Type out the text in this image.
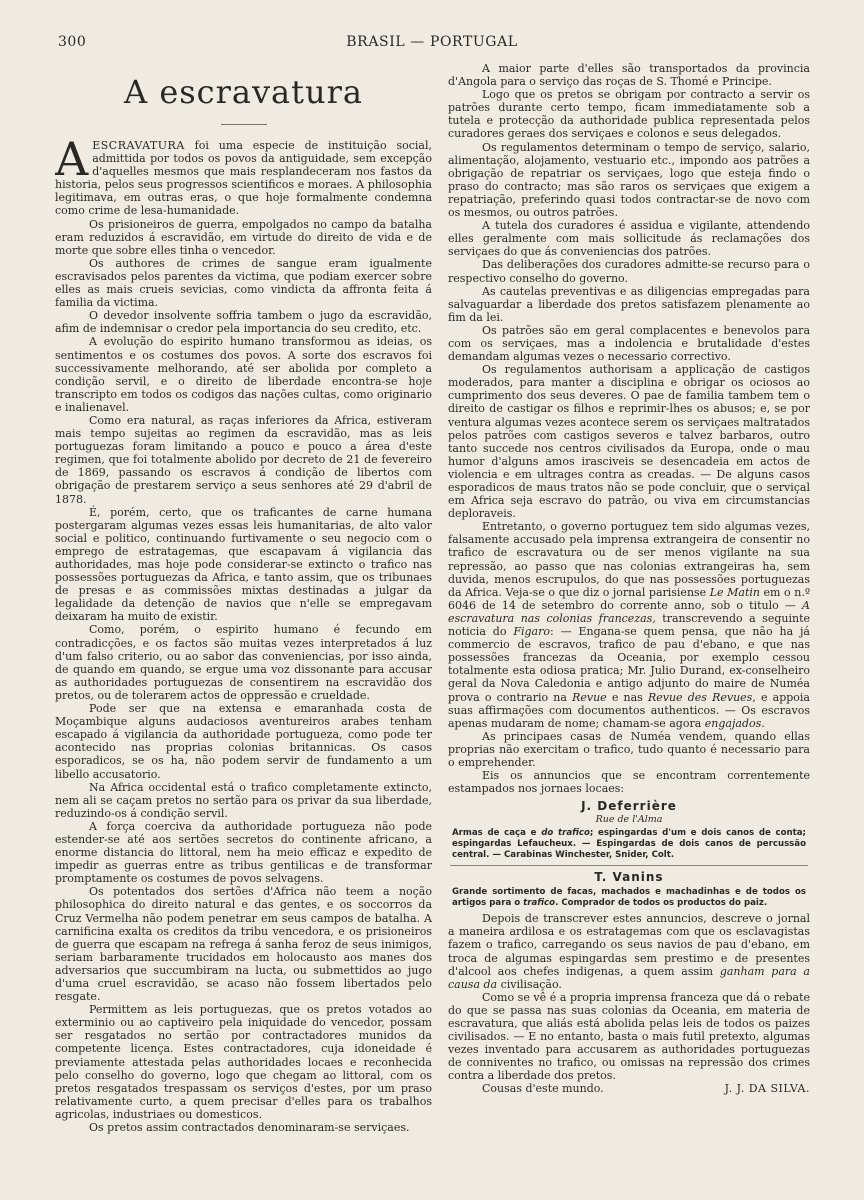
300	BRASIL — PORTUGAL
A escravatura

AESCRAVATURA foi uma especie de instituição social, admittida por todos os povos da antiguidade, sem excepção d'aquelles mesmos que mais resplandeceram nos fastos da historia, pelos seus progressos scientificos e moraes. A philosophia legitimava, em outras eras, o que hoje formalmente condemna como crime de lesa-humanidade.

Os prisioneiros de guerra, empolgados no campo da batalha eram reduzidos á escravidão, em virtude do direito de vida e de morte que sobre elles tinha o vencedor.

Os authores de crimes de sangue eram igualmente escravisados pelos parentes da victima, que podiam exercer sobre elles as mais crueis sevicias, como vindicta da affronta feita á familia da victima.

O devedor insolvente soffria tambem o jugo da escravidão, afim de indemnisar o credor pela importancia do seu credito, etc.

A evolução do espirito humano transformou as ideias, os sentimentos e os costumes dos povos. A sorte dos escravos foi successivamente melhorando, até ser abolida por completo a condição servil, e o direito de liberdade encontra-se hoje transcripto em todos os codigos das nações cultas, como originario e inalienavel.

Como era natural, as raças inferiores da Africa, estiveram mais tempo sujeitas ao regimen da escravidão, mas as leis portuguezas foram limitando a pouco e pouco a área d'este regimen, que foi totalmente abolido por decreto de 21 de fevereiro de 1869, passando os escravos á condição de libertos com obrigação de prestarem serviço a seus senhores até 29 d'abril de 1878.

É, porém, certo, que os traficantes de carne humana postergaram algumas vezes essas leis humanitarias, de alto valor social e politico, continuando furtivamente o seu negocio com o emprego de estratagemas, que escapavam á vigilancia das authoridades, mas hoje pode considerar-se extincto o trafico nas possessões portuguezas da Africa, e tanto assim, que os tribunaes de presas e as commissões mixtas destinadas a julgar da legalidade da detenção de navios que n'elle se empregavam deixaram ha muito de existir.

Como, porém, o espirito humano é fecundo em contradicções, e os factos são muitas vezes interpretados á luz d'um falso criterio, ou ao sabor das conveniencias, por isso ainda, de quando em quando, se ergue uma voz dissonante para accusar as authoridades portuguezas de consentirem na escravidão dos pretos, ou de tolerarem actos de oppressão e crueldade.

Pode ser que na extensa e emaranhada costa de Moçambique alguns audaciosos aventureiros arabes tenham escapado á vigilancia da authoridade portugueza, como pode ter acontecido nas proprias colonias britannicas. Os casos esporadicos, se os ha, não podem servir de fundamento a um libello accusatorio.

Na Africa occidental está o trafico completamente extincto, nem ali se caçam pretos no sertão para os privar da sua liberdade, reduzindo-os á condição servil.

A força coerciva da authoridade portugueza não pode estender-se até aos sertões secretos do continente africano, a enorme distancia do littoral, nem ha meio efficaz e expedito de impedir as guerras entre as tribus gentilicas e de transformar promptamente os costumes de povos selvagens.

Os potentados dos sertões d'Africa não teem a noção philosophica do direito natural e das gentes, e os soccorros da Cruz Vermelha não podem penetrar em seus campos de batalha. A carnificina exalta os creditos da tribu vencedora, e os prisioneiros de guerra que escapam na refrega á sanha feroz de seus inimigos, seriam barbaramente trucidados em holocausto aos manes dos adversarios que succumbiram na lucta, ou submettidos ao jugo d'uma cruel escravidão, se acaso não fossem libertados pelo resgate.

Permittem as leis portuguezas, que os pretos votados ao exterminio ou ao captiveiro pela iniquidade do vencedor, possam ser resgatados no sertão por contractadores munidos da competente licença. Estes contractadores, cuja idoneidade é previamente attestada pelas authoridades locaes e reconhecida pelo conselho do governo, logo que chegam ao littoral, com os pretos resgatados trespassam os serviços d'estes, por um praso relativamente curto, a quem precisar d'elles para os trabalhos agricolas, industriaes ou domesticos.

Os pretos assim contractados denominaram-se serviçaes.

A maior parte d'elles são transportados da provincia d'Angola para o serviço das roças de S. Thomé e Principe.

Logo que os pretos se obrigam por contracto a servir os patrões durante certo tempo, ficam immediatamente sob a tutela e protecção da authoridade publica representada pelos curadores geraes dos serviçaes e colonos e seus delegados.

Os regulamentos determinam o tempo de serviço, salario, alimentação, alojamento, vestuario etc., impondo aos patrões a obrigação de repatriar os serviçaes, logo que esteja findo o praso do contracto; mas são raros os serviçaes que exigem a repatriação, preferindo quasi todos contractar-se de novo com os mesmos, ou outros patrões.

A tutela dos curadores é assidua e vigilante, attendendo elles geralmente com mais sollicitude ás reclamações dos serviçaes do que ás conveniencias dos patrões.

Das deliberações dos curadores admitte-se recurso para o respectivo conselho do governo.

As cautelas preventivas e as diligencias empregadas para salvaguardar a liberdade dos pretos satisfazem plenamente ao fim da lei.

Os patrões são em geral complacentes e benevolos para com os serviçaes, mas a indolencia e brutalidade d'estes demandam algumas vezes o necessario correctivo.

Os regulamentos authorisam a applicação de castigos moderados, para manter a disciplina e obrigar os ociosos ao cumprimento dos seus deveres. O pae de familia tambem tem o direito de castigar os filhos e reprimir-lhes os abusos; e, se por ventura algumas vezes acontece serem os serviçaes maltratados pelos patrões com castigos severos e talvez barbaros, outro tanto succede nos centros civilisados da Europa, onde o mau humor d'alguns amos irasciveis se desencadeia em actos de violencia e em ultrages contra as creadas. — De alguns casos esporadicos de maus tratos não se pode concluir, que o serviçal em Africa seja escravo do patrão, ou viva em circumstancias deploraveis.

Entretanto, o governo portuguez tem sido algumas vezes, falsamente accusado pela imprensa extrangeira de consentir no trafico de escravatura ou de ser menos vigilante na sua repressão, ao passo que nas colonias extrangeiras ha, sem duvida, menos escrupulos, do que nas possessões portuguezas da Africa. Veja-se o que diz o jornal parisiense Le Matin em o n.º 6046 de 14 de setembro do corrente anno, sob o titulo — A escravatura nas colonias francezas, transcrevendo a seguinte noticia do Figaro: — Engana-se quem pensa, que não ha já commercio de escravos, trafico de pau d'ebano, e que nas possessões francezas da Oceania, por exemplo cessou totalmente esta odiosa pratica; Mr. Julio Durand, ex-conselheiro geral da Nova Caledonia e antigo adjunto do maire de Numéa prova o contrario na Revue e nas Revue des Revues, e appoia suas affirmações com documentos authenticos. — Os escravos apenas mudaram de nome; chamam-se agora engajados.

As principaes casas de Numéa vendem, quando ellas proprias não exercitam o trafico, tudo quanto é necessario para o emprehender.

Eis os annuncios que se encontram correntemente estampados nos jornaes locaes:

J. Deferrière
Rue de l'Alma
Armas de caça e do trafico; espingardas d'um e dois canos de conta; espingardas Lefaucheux. — Espingardas de dois canos de percussão central. — Carabinas Winchester, Snider, Colt.
T. Vanins
Grande sortimento de facas, machados e machadinhas e de todos os artigos para o trafico. Comprador de todos os productos do paiz.

Depois de transcrever estes annuncios, descreve o jornal a maneira ardilosa e os estratagemas com que os esclavagistas fazem o trafico, carregando os seus navios de pau d'ebano, em troca de algumas espingardas sem prestimo e de presentes d'alcool aos chefes indigenas, a quem assim ganham para a causa da civilisação.

Como se vê é a propria imprensa franceza que dá o rebate do que se passa nas suas colonias da Oceania, em materia de escravatura, que aliás está abolida pelas leis de todos os paizes civilisados. — E no entanto, basta o mais futil pretexto, algumas vezes inventado para accusarem as authoridades portuguezas de conniventes no trafico, ou omissas na repressão dos crimes contra a liberdade dos pretos.

Cousas d'este mundo.	J. J. DA SILVA.
